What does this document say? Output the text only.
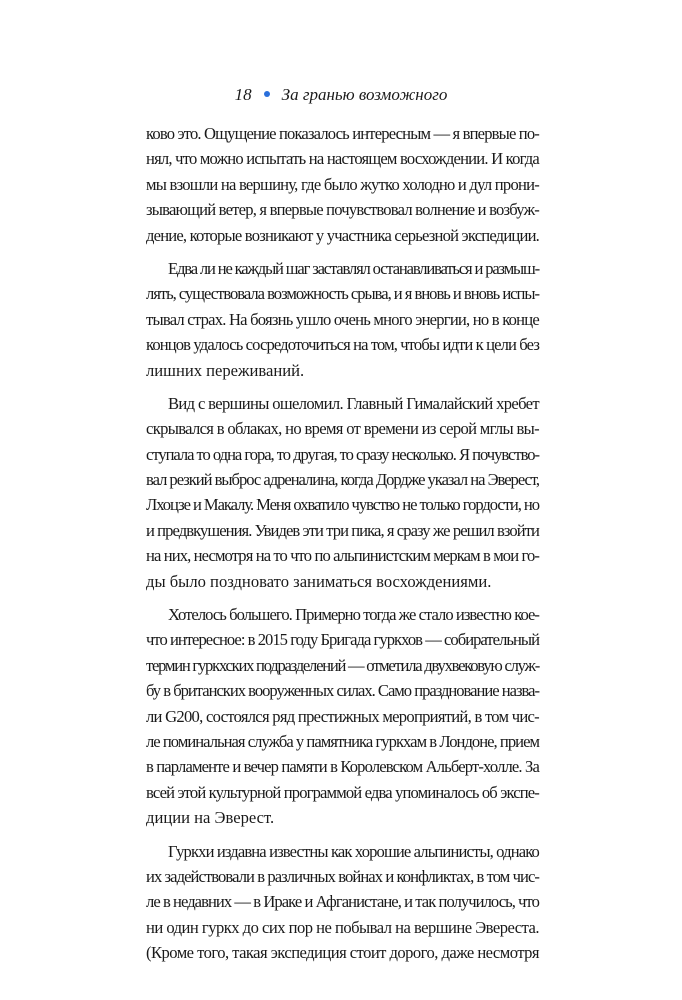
18 За гранью возможного
ково это. Ощущение показалось интересным — я впервые по-
нял, что можно испытать на настоящем восхождении. И когда
мы взошли на вершину, где было жутко холодно и дул прони-
зывающий ветер, я впервые почувствовал волнение и возбуж-
дение, которые возникают у участника серьезной экспедиции.
Едва ли не каждый шаг заставлял останавливаться и размыш-
лять, существовала возможность срыва, и я вновь и вновь испы-
тывал страх. На боязнь ушло очень много энергии, но в конце
концов удалось сосредоточиться на том, чтобы идти к цели без
лишних переживаний.
Вид с вершины ошеломил. Главный Гималайский хребет
скрывался в облаках, но время от времени из серой мглы вы-
ступала то одна гора, то другая, то сразу несколько. Я почувство-
вал резкий выброс адреналина, когда Дордже указал на Эверест,
Лхоцзе и Макалу. Меня охватило чувство не только гордости, но
и предвкушения. Увидев эти три пика, я сразу же решил взойти
на них, несмотря на то что по альпинистским меркам в мои го-
ды было поздновато заниматься восхождениями.
Хотелось большего. Примерно тогда же стало известно кое-
что интересное: в 2015 году Бригада гуркхов — собирательный
термин гуркхских подразделений — отметила двухвековую служ-
бу в британских вооруженных силах. Само празднование назва-
ли G200, состоялся ряд престижных мероприятий, в том чис-
ле поминальная служба у памятника гуркхам в Лондоне, прием
в парламенте и вечер памяти в Королевском Альберт-холле. За
всей этой культурной программой едва упоминалось об экспе-
диции на Эверест.
Гуркхи издавна известны как хорошие альпинисты, однако
их задействовали в различных войнах и конфликтах, в том чис-
ле в недавних — в Ираке и Афганистане, и так получилось, что
ни один гуркх до сих пор не побывал на вершине Эвереста.
(Кроме того, такая экспедиция стоит дорого, даже несмотря
